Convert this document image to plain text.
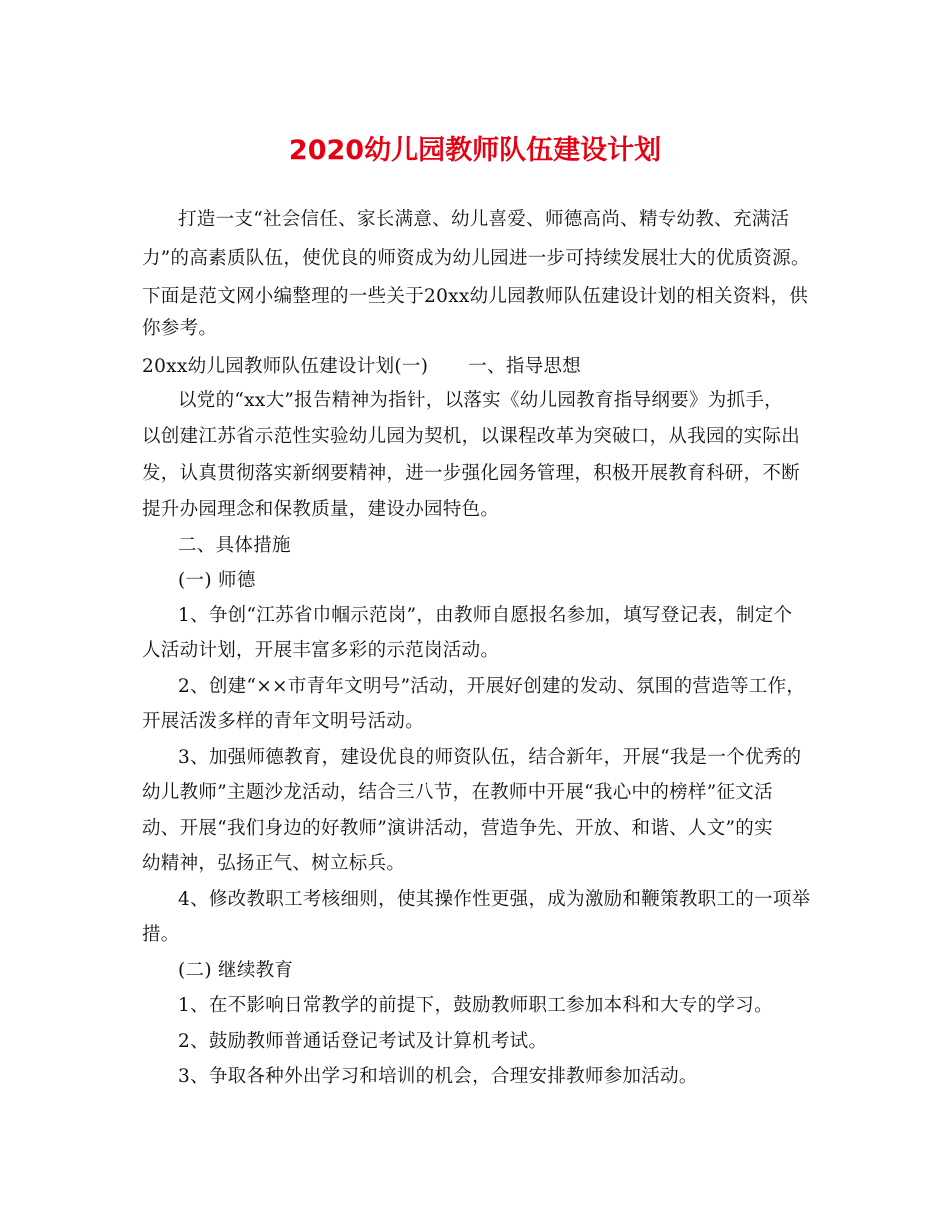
2020幼儿园教师队伍建设计划
打造一支“社会信任、家长满意、幼儿喜爱、师德高尚、精专幼教、充满活
力”的高素质队伍，使优良的师资成为幼儿园进一步可持续发展壮大的优质资源。
下面是范文网小编整理的一些关于20xx幼儿园教师队伍建设计划的相关资料，供
你参考。
20xx幼儿园教师队伍建设计划(一) 一、指导思想
以党的“xx大”报告精神为指针，以落实《幼儿园教育指导纲要》为抓手，
以创建江苏省示范性实验幼儿园为契机，以课程改革为突破口，从我园的实际出
发，认真贯彻落实新纲要精神，进一步强化园务管理，积极开展教育科研，不断
提升办园理念和保教质量，建设办园特色。
二、具体措施
(一) 师德
1、争创“江苏省巾帼示范岗”，由教师自愿报名参加，填写登记表，制定个
人活动计划，开展丰富多彩的示范岗活动。
2、创建“××市青年文明号”活动，开展好创建的发动、氛围的营造等工作，
开展活泼多样的青年文明号活动。
3、加强师德教育，建设优良的师资队伍，结合新年，开展“我是一个优秀的
幼儿教师”主题沙龙活动，结合三八节，在教师中开展“我心中的榜样”征文活
动、开展“我们身边的好教师”演讲活动，营造争先、开放、和谐、人文”的实
幼精神，弘扬正气、树立标兵。
4、修改教职工考核细则，使其操作性更强，成为激励和鞭策教职工的一项举
措。
(二) 继续教育
1、在不影响日常教学的前提下，鼓励教师职工参加本科和大专的学习。
2、鼓励教师普通话登记考试及计算机考试。
3、争取各种外出学习和培训的机会，合理安排教师参加活动。
